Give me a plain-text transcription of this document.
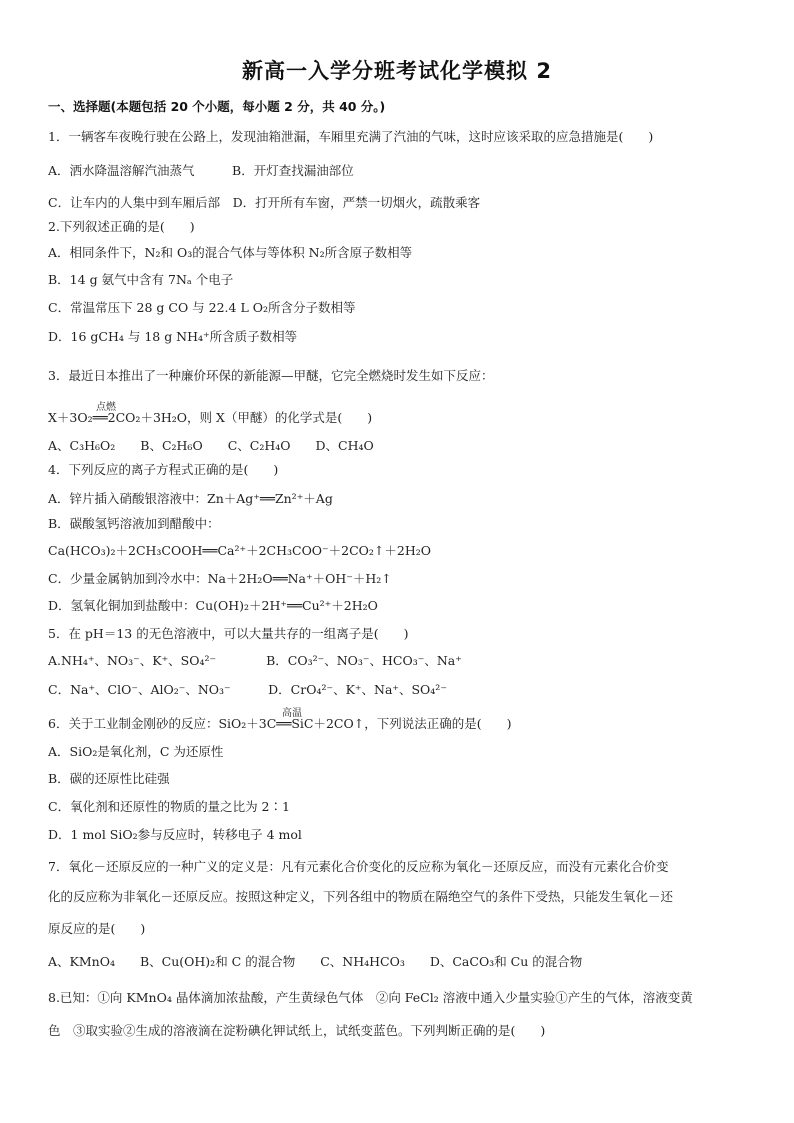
新高一入学分班考试化学模拟 2
一、选择题(本题包括 20 个小题，每小题 2 分，共 40 分。)
1．一辆客车夜晚行驶在公路上，发现油箱泄漏，车厢里充满了汽油的气味，这时应该采取的应急措施是(　　)
A．洒水降温溶解汽油蒸气　　　B．开灯查找漏油部位
C．让车内的人集中到车厢后部　D．打开所有车窗，严禁一切烟火，疏散乘客
2.下列叙述正确的是(　　)
A．相同条件下，N₂和 O₃的混合气体与等体积 N₂所含原子数相等
B．14 g 氨气中含有 7Nₐ 个电子
C．常温常压下 28 g CO 与 22.4 L O₂所含分子数相等
D．16 gCH₄ 与 18 g NH₄⁺所含质子数相等
3．最近日本推出了一种廉价环保的新能源—甲醚，它完全燃烧时发生如下反应：
点燃
X＋3O₂══2CO₂＋3H₂O，则 X（甲醚）的化学式是(　　)
A、C₃H₆O₂　　B、C₂H₆O　　C、C₂H₄O　　D、CH₄O
4．下列反应的离子方程式正确的是(　　)
A．锌片插入硝酸银溶液中：Zn＋Ag⁺══Zn²⁺＋Ag
B．碳酸氢钙溶液加到醋酸中：
Ca(HCO₃)₂＋2CH₃COOH══Ca²⁺＋2CH₃COO⁻＋2CO₂↑＋2H₂O
C．少量金属钠加到冷水中：Na＋2H₂O══Na⁺＋OH⁻＋H₂↑
D．氢氧化铜加到盐酸中：Cu(OH)₂＋2H⁺══Cu²⁺＋2H₂O
5．在 pH＝13 的无色溶液中，可以大量共存的一组离子是(　　)
A.NH₄⁺、NO₃⁻、K⁺、SO₄²⁻　　　　B．CO₃²⁻、NO₃⁻、HCO₃⁻、Na⁺
C．Na⁺、ClO⁻、AlO₂⁻、NO₃⁻　　　D．CrO₄²⁻、K⁺、Na⁺、SO₄²⁻
高温
6．关于工业制金刚砂的反应：SiO₂＋3C══SiC＋2CO↑，下列说法正确的是(　　)
A．SiO₂是氧化剂，C 为还原性
B．碳的还原性比硅强
C．氧化剂和还原性的物质的量之比为 2∶1
D．1 mol SiO₂参与反应时，转移电子 4 mol
7．氧化－还原反应的一种广义的定义是：凡有元素化合价变化的反应称为氧化－还原反应，而没有元素化合价变
化的反应称为非氧化－还原反应。按照这种定义，下列各组中的物质在隔绝空气的条件下受热，只能发生氧化－还
原反应的是(　　)
A、KMnO₄　　B、Cu(OH)₂和 C 的混合物　　C、NH₄HCO₃　　D、CaCO₃和 Cu 的混合物
8.已知：①向 KMnO₄ 晶体滴加浓盐酸，产生黄绿色气体　②向 FeCl₂ 溶液中通入少量实验①产生的气体，溶液变黄
色　③取实验②生成的溶液滴在淀粉碘化钾试纸上，试纸变蓝色。下列判断正确的是(　　)
